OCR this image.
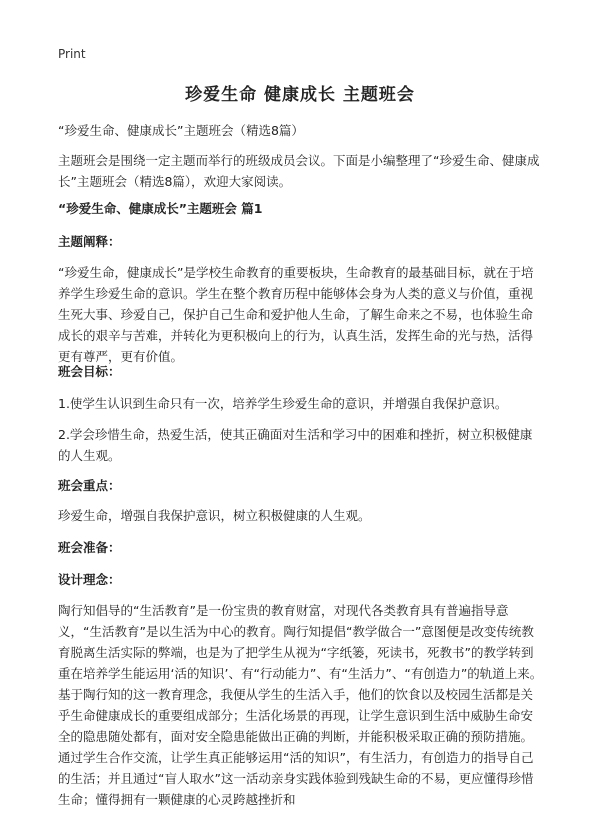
Print
珍爱生命 健康成长 主题班会

“珍爱生命、健康成长”主题班会（精选8篇）

主题班会是围绕一定主题而举行的班级成员会议。下面是小编整理了“珍爱生命、健康成长”主题班会（精选8篇），欢迎大家阅读。

“珍爱生命、健康成长”主题班会 篇1

主题阐释：

“珍爱生命，健康成长”是学校生命教育的重要板块，生命教育的最基础目标，就在于培养学生珍爱生命的意识。学生在整个教育历程中能够体会身为人类的意义与价值，重视生死大事、珍爱自己，保护自己生命和爱护他人生命，了解生命来之不易，也体验生命成长的艰辛与苦难，并转化为更积极向上的行为，认真生活，发挥生命的光与热，活得更有尊严，更有价值。

班会目标：

1.使学生认识到生命只有一次，培养学生珍爱生命的意识，并增强自我保护意识。

2.学会珍惜生命，热爱生活，使其正确面对生活和学习中的困难和挫折，树立积极健康的人生观。

班会重点：

珍爱生命，增强自我保护意识，树立积极健康的人生观。

班会准备：

设计理念：

陶行知倡导的“生活教育”是一份宝贵的教育财富，对现代各类教育具有普遍指导意义，“生活教育”是以生活为中心的教育。陶行知提倡“教学做合一”意图便是改变传统教育脱离生活实际的弊端，也是为了把学生从视为“字纸篓，死读书，死教书”的教学转到重在培养学生能运用‘活的知识’、有“行动能力”、有“生活力”、“有创造力”的轨道上来。基于陶行知的这一教育理念，我便从学生的生活入手，他们的饮食以及校园生活都是关乎生命健康成长的重要组成部分；生活化场景的再现，让学生意识到生活中威胁生命安全的隐患随处都有，面对安全隐患能做出正确的判断，并能积极采取正确的预防措施。通过学生合作交流，让学生真正能够运用“活的知识”，有生活力，有创造力的指导自己的生活；并且通过“盲人取水”这一活动亲身实践体验到残缺生命的不易，更应懂得珍惜生命；懂得拥有一颗健康的心灵跨越挫折和
